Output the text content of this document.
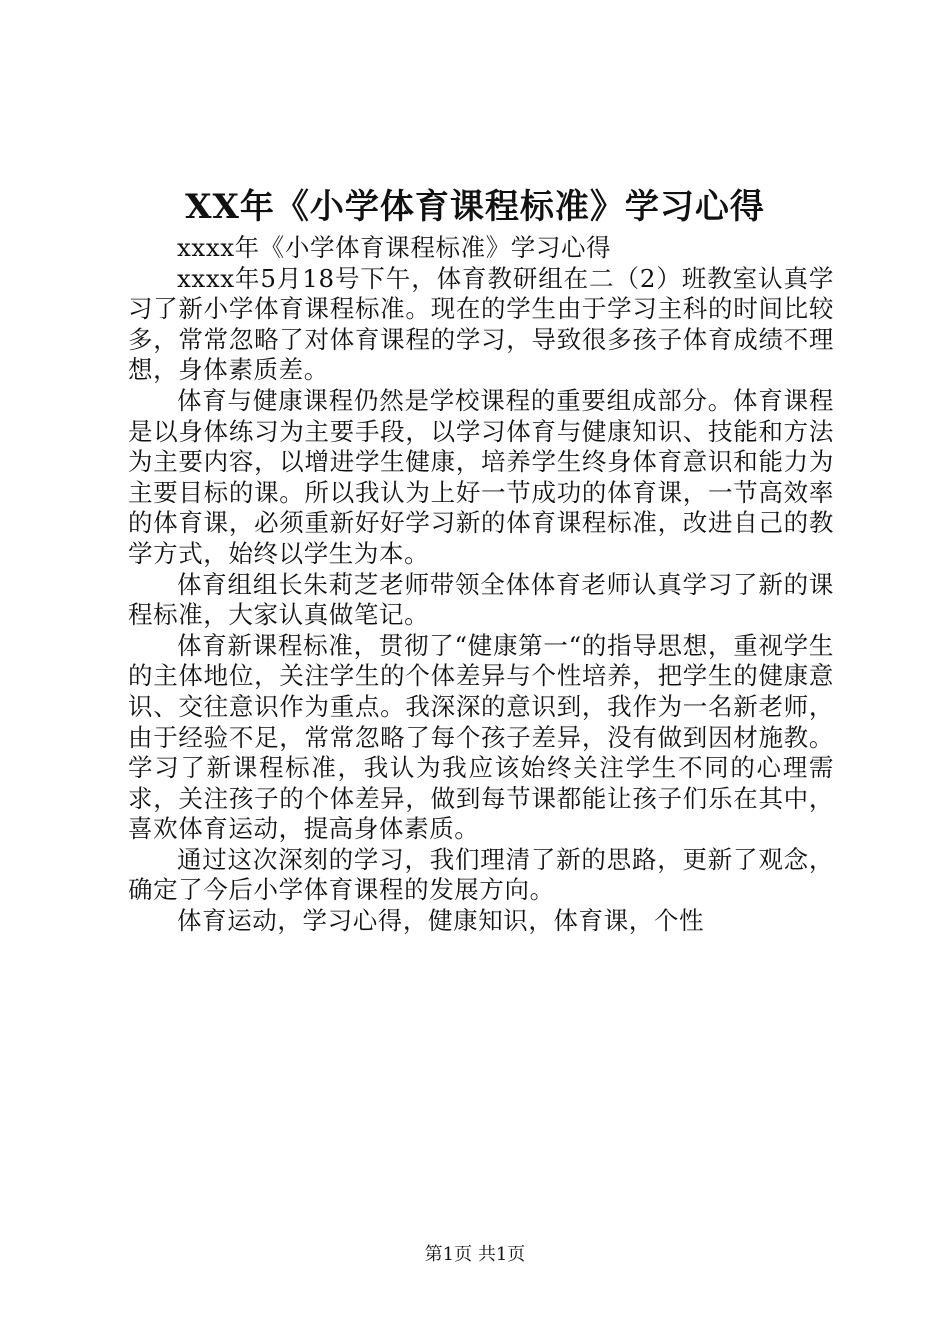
XX年《小学体育课程标准》学习心得

xxxx年《小学体育课程标准》学习心得

xxxx年5月18号下午，体育教研组在二（2）班教室认真学习了新小学体育课程标准。现在的学生由于学习主科的时间比较多，常常忽略了对体育课程的学习，导致很多孩子体育成绩不理想，身体素质差。

体育与健康课程仍然是学校课程的重要组成部分。体育课程是以身体练习为主要手段，以学习体育与健康知识、技能和方法为主要内容，以增进学生健康，培养学生终身体育意识和能力为主要目标的课。所以我认为上好一节成功的体育课，一节高效率的体育课，必须重新好好学习新的体育课程标准，改进自己的教学方式，始终以学生为本。

体育组组长朱莉芝老师带领全体体育老师认真学习了新的课程标准，大家认真做笔记。

体育新课程标准，贯彻了“健康第一“的指导思想，重视学生的主体地位，关注学生的个体差异与个性培养，把学生的健康意识、交往意识作为重点。我深深的意识到，我作为一名新老师，由于经验不足，常常忽略了每个孩子差异，没有做到因材施教。学习了新课程标准，我认为我应该始终关注学生不同的心理需求，关注孩子的个体差异，做到每节课都能让孩子们乐在其中，喜欢体育运动，提高身体素质。

通过这次深刻的学习，我们理清了新的思路，更新了观念，确定了今后小学体育课程的发展方向。

体育运动，学习心得，健康知识，体育课，个性

第1页 共1页
